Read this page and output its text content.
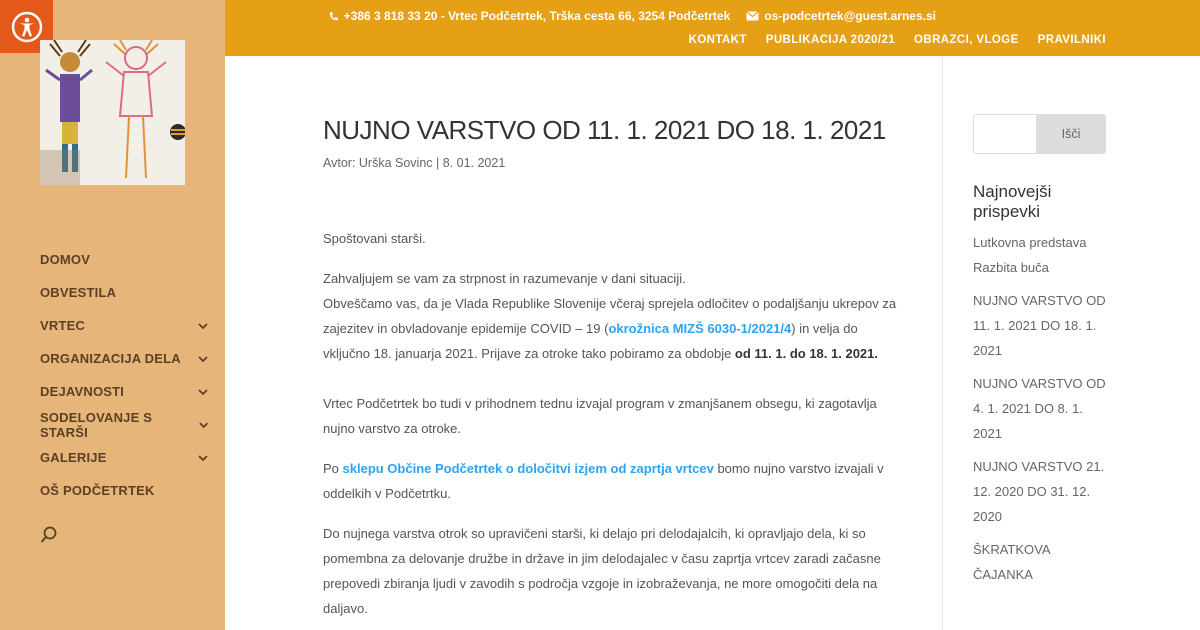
DOMOV
OBVESTILA
VRTEC
ORGANIZACIJA DELA
DEJAVNOSTI
SODELOVANJE S STARŠI
GALERIJE
OŠ PODČETRTEK
+386 3 818 33 20 - Vrtec Podčetrtek, Trška cesta 66, 3254 Podčetrtek	os-podcetrtek@guest.arnes.si
KONTAKT PUBLIKACIJA 2020/21 OBRAZCI, VLOGE PRAVILNIKI
NUJNO VARSTVO OD 11. 1. 2021 DO 18. 1. 2021
Avtor: Urška Sovinc | 8. 01. 2021

Spoštovani starši.

Zahvaljujem se vam za strpnost in razumevanje v dani situaciji.
Obveščamo vas, da je Vlada Republike Slovenije včeraj sprejela odločitev o podaljšanju ukrepov za zajezitev in obvladovanje epidemije COVID – 19 (okrožnica MIZŠ 6030-1/2021/4) in velja do vključno 18. januarja 2021. Prijave za otroke tako pobiramo za obdobje od 11. 1. do 18. 1. 2021.

Vrtec Podčetrtek bo tudi v prihodnem tednu izvajal program v zmanjšanem obsegu, ki zagotavlja nujno varstvo za otroke.

Po sklepu Občine Podčetrtek o določitvi izjem od zaprtja vrtcev bomo nujno varstvo izvajali v oddelkih v Podčetrtku.

Do nujnega varstva otrok so upravičeni starši, ki delajo pri delodajalcih, ki opravljajo dela, ki so pomembna za delovanje družbe in države in jim delodajalec v času zaprtja vrtcev zaradi začasne prepovedi zbiranja ljudi v zavodih s področja vzgoje in izobraževanja, ne more omogočiti dela na daljavo.

Išči
Najnovejši prispevki
Lutkovna predstava Razbita buča
NUJNO VARSTVO OD 11. 1. 2021 DO 18. 1. 2021
NUJNO VARSTVO OD 4. 1. 2021 DO 8. 1. 2021
NUJNO VARSTVO 21. 12. 2020 DO 31. 12. 2020
ŠKRATKOVA ČAJANKA
